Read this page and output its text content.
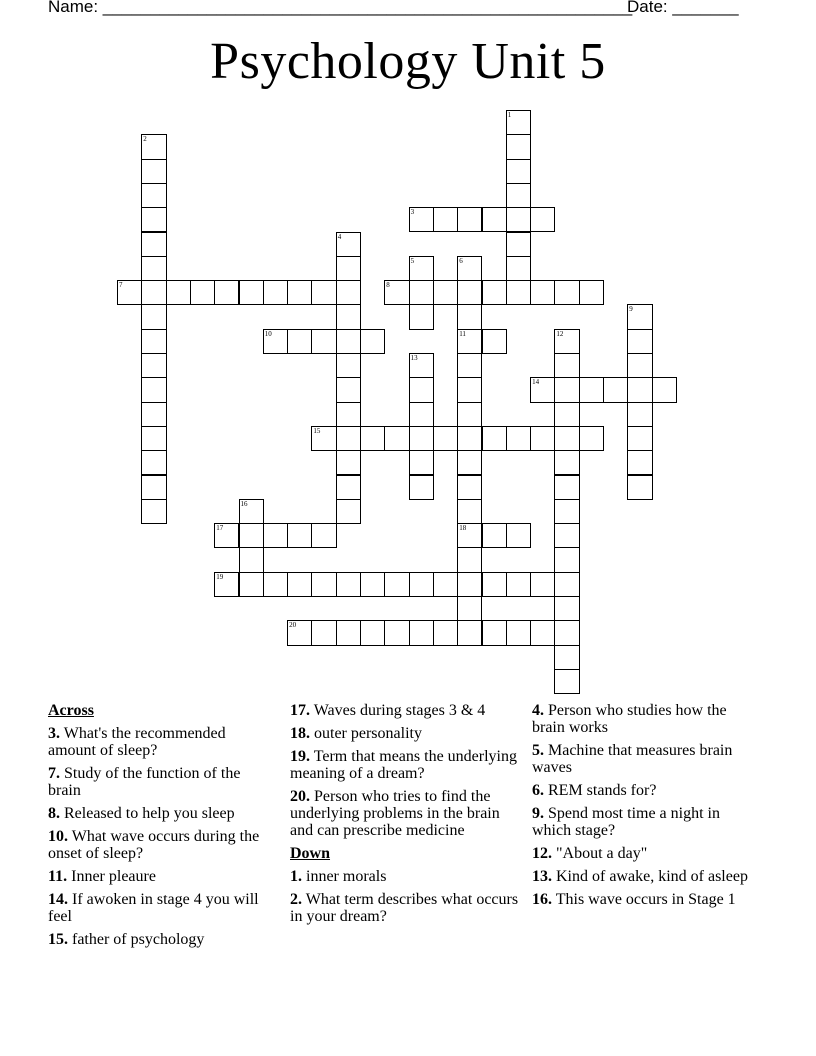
Name: ________________________________________________________
Date: _______
Psychology Unit 5
1
2
3
4
5	6
7	8
9
10	11	12
13
14
15
16
17	18
19
20
Across
3. What's the recommended amount of sleep?
7. Study of the function of the brain
8. Released to help you sleep
10. What wave occurs during the onset of sleep?
11. Inner pleaure
14. If awoken in stage 4 you will feel
15. father of psychology
17. Waves during stages 3 & 4
18. outer personality
19. Term that means the underlying meaning of a dream?
20. Person who tries to find the underlying problems in the brain and can prescribe medicine
Down
1. inner morals
2. What term describes what occurs in your dream?
4. Person who studies how the brain works
5. Machine that measures brain waves
6. REM stands for?
9. Spend most time a night in which stage?
12. "About a day"
13. Kind of awake, kind of asleep
16. This wave occurs in Stage 1
